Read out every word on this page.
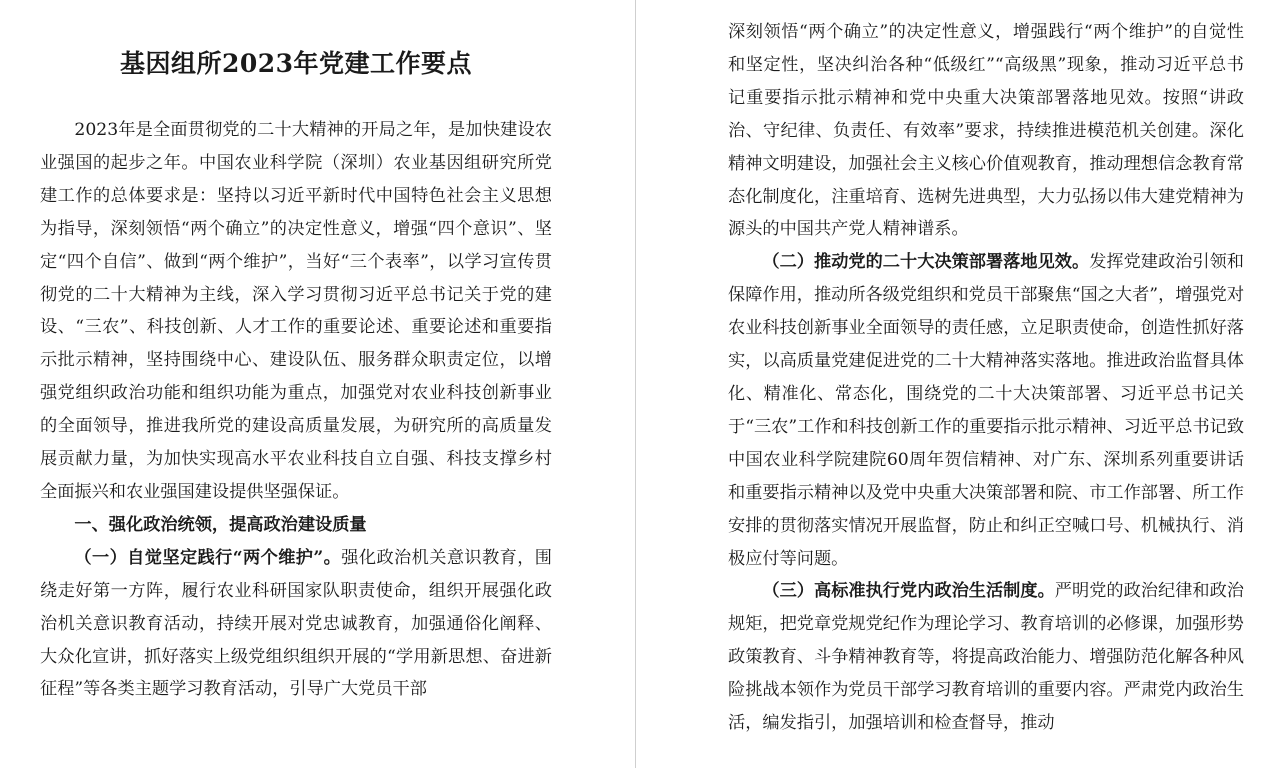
基因组所2023年党建工作要点

2023年是全面贯彻党的二十大精神的开局之年，是加快建设农业强国的起步之年。中国农业科学院（深圳）农业基因组研究所党建工作的总体要求是：坚持以习近平新时代中国特色社会主义思想为指导，深刻领悟“两个确立”的决定性意义，增强“四个意识”、坚定“四个自信”、做到“两个维护”，当好“三个表率”，以学习宣传贯彻党的二十大精神为主线，深入学习贯彻习近平总书记关于党的建设、“三农”、科技创新、人才工作的重要论述、重要论述和重要指示批示精神，坚持围绕中心、建设队伍、服务群众职责定位，以增强党组织政治功能和组织功能为重点，加强党对农业科技创新事业的全面领导，推进我所党的建设高质量发展，为研究所的高质量发展贡献力量，为加快实现高水平农业科技自立自强、科技支撑乡村全面振兴和农业强国建设提供坚强保证。

一、强化政治统领，提高政治建设质量

（一）自觉坚定践行“两个维护”。强化政治机关意识教育，围绕走好第一方阵，履行农业科研国家队职责使命，组织开展强化政治机关意识教育活动，持续开展对党忠诚教育，加强通俗化阐释、大众化宣讲，抓好落实上级党组织组织开展的“学用新思想、奋进新征程”等各类主题学习教育活动，引导广大党员干部

深刻领悟“两个确立”的决定性意义，增强践行“两个维护”的自觉性和坚定性，坚决纠治各种“低级红”“高级黑”现象，推动习近平总书记重要指示批示精神和党中央重大决策部署落地见效。按照“讲政治、守纪律、负责任、有效率”要求，持续推进模范机关创建。深化精神文明建设，加强社会主义核心价值观教育，推动理想信念教育常态化制度化，注重培育、选树先进典型，大力弘扬以伟大建党精神为源头的中国共产党人精神谱系。

（二）推动党的二十大决策部署落地见效。发挥党建政治引领和保障作用，推动所各级党组织和党员干部聚焦“国之大者”，增强党对农业科技创新事业全面领导的责任感，立足职责使命，创造性抓好落实，以高质量党建促进党的二十大精神落实落地。推进政治监督具体化、精准化、常态化，围绕党的二十大决策部署、习近平总书记关于“三农”工作和科技创新工作的重要指示批示精神、习近平总书记致中国农业科学院建院60周年贺信精神、对广东、深圳系列重要讲话和重要指示精神以及党中央重大决策部署和院、市工作部署、所工作安排的贯彻落实情况开展监督，防止和纠正空喊口号、机械执行、消极应付等问题。

（三）高标准执行党内政治生活制度。严明党的政治纪律和政治规矩，把党章党规党纪作为理论学习、教育培训的必修课，加强形势政策教育、斗争精神教育等，将提高政治能力、增强防范化解各种风险挑战本领作为党员干部学习教育培训的重要内容。严肃党内政治生活，编发指引，加强培训和检查督导，推动
